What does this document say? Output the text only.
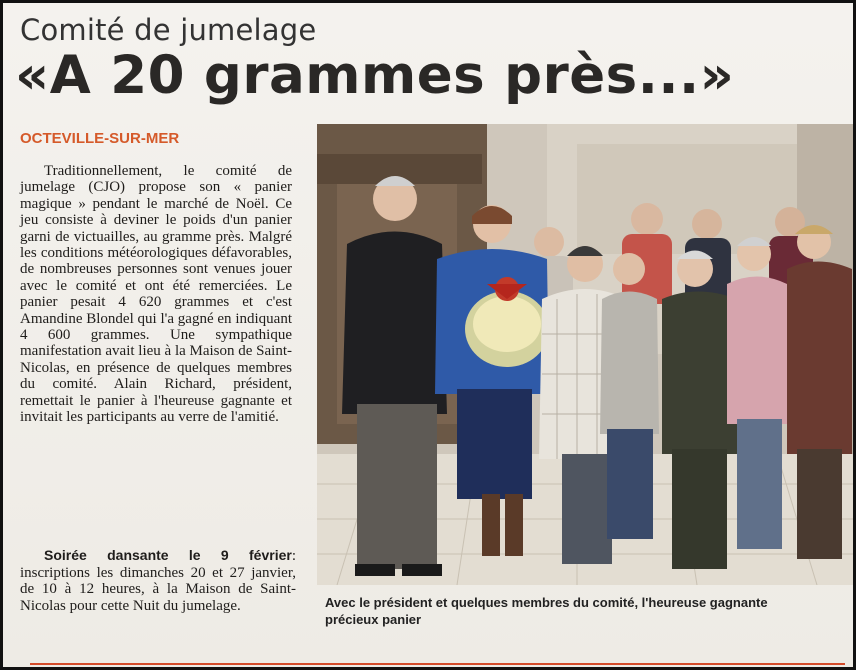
Comité de jumelage
«A 20 grammes près...»
OCTEVILLE-SUR-MER

Traditionnellement, le comité de jumelage (CJO) propose son « panier magique » pendant le marché de Noël. Ce jeu consiste à deviner le poids d'un panier garni de victuailles, au gramme près. Malgré les conditions météorologiques défavorables, de nombreuses personnes sont venues jouer avec le comité et ont été remerciées. Le panier pesait 4 620 grammes et c'est Amandine Blondel qui l'a gagné en indiquant 4 600 grammes. Une sympathique manifestation avait lieu à la Maison de Saint-Nicolas, en présence de quelques membres du comité. Alain Richard, président, remettait le panier à l'heureuse gagnante et invitait les participants au verre de l'amitié.

Soirée dansante le 9 février: inscriptions les dimanches 20 et 27 janvier, de 10 à 12 heures, à la Maison de Saint-Nicolas pour cette Nuit du jumelage.	Avec le président et quelques membres du comité, l'heureuse gagnante
précieux panier
